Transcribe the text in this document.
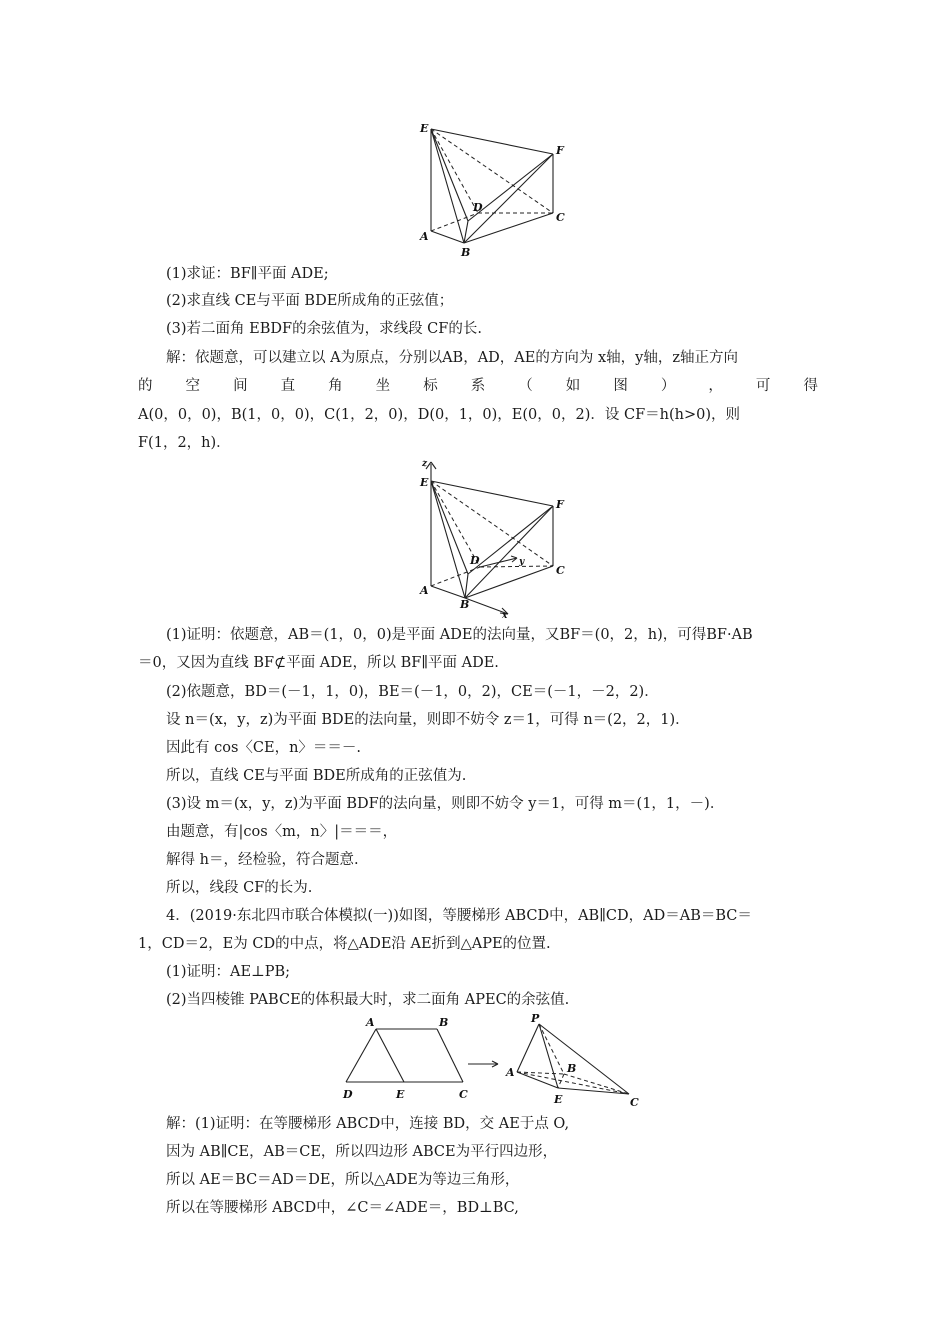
E
F
D
C
A
B
(1)求证：BF∥平面 ADE;
(2)求直线 CE与平面 BDE所成角的正弦值；
(3)若二面角 EBDF的余弦值为，求线段 CF的长.
解：依题意，可以建立以 A为原点，分别以AB，AD，AE的方向为 x轴，y轴，z轴正方向
的 空 间 直 角 坐 标 系 （ 如 图 ） ， 可 得
A(0，0，0)，B(1，0，0)，C(1，2，0)，D(0，1，0)，E(0，0，2)．设 CF＝h(h>0)，则
F(1，2，h)．
z
E
F
D	y
C
A
B
x
(1)证明：依题意，AB＝(1，0，0)是平面 ADE的法向量，又BF＝(0，2，h)，可得BF·AB
＝0，又因为直线 BF⊄平面 ADE，所以 BF∥平面 ADE.
(2)依题意，BD＝(－1，1，0)，BE＝(－1，0，2)，CE＝(－1，－2，2)．
设 n＝(x，y，z)为平面 BDE的法向量，则即不妨令 z＝1，可得 n＝(2，2，1)．
因此有 cos〈CE，n〉＝＝－.
所以，直线 CE与平面 BDE所成角的正弦值为.
(3)设 m＝(x，y，z)为平面 BDF的法向量，则即不妨令 y＝1，可得 m＝(1，1，－)．
由题意，有|cos〈m，n〉|＝＝＝，
解得 h＝，经检验，符合题意.
所以，线段 CF的长为.
4．(2019·东北四市联合体模拟(一))如图，等腰梯形 ABCD中，AB∥CD，AD＝AB＝BC＝
1，CD＝2，E为 CD的中点，将△ADE沿 AE折到△APE的位置.
(1)证明：AE⊥PB;
(2)当四棱锥 PABCE的体积最大时，求二面角 APEC的余弦值.
A	B
D	E	C
P
A	B
E	C
解：(1)证明：在等腰梯形 ABCD中，连接 BD，交 AE于点 O,
因为 AB∥CE，AB＝CE，所以四边形 ABCE为平行四边形，
所以 AE＝BC＝AD＝DE，所以△ADE为等边三角形，
所以在等腰梯形 ABCD中，∠C＝∠ADE＝，BD⊥BC,
